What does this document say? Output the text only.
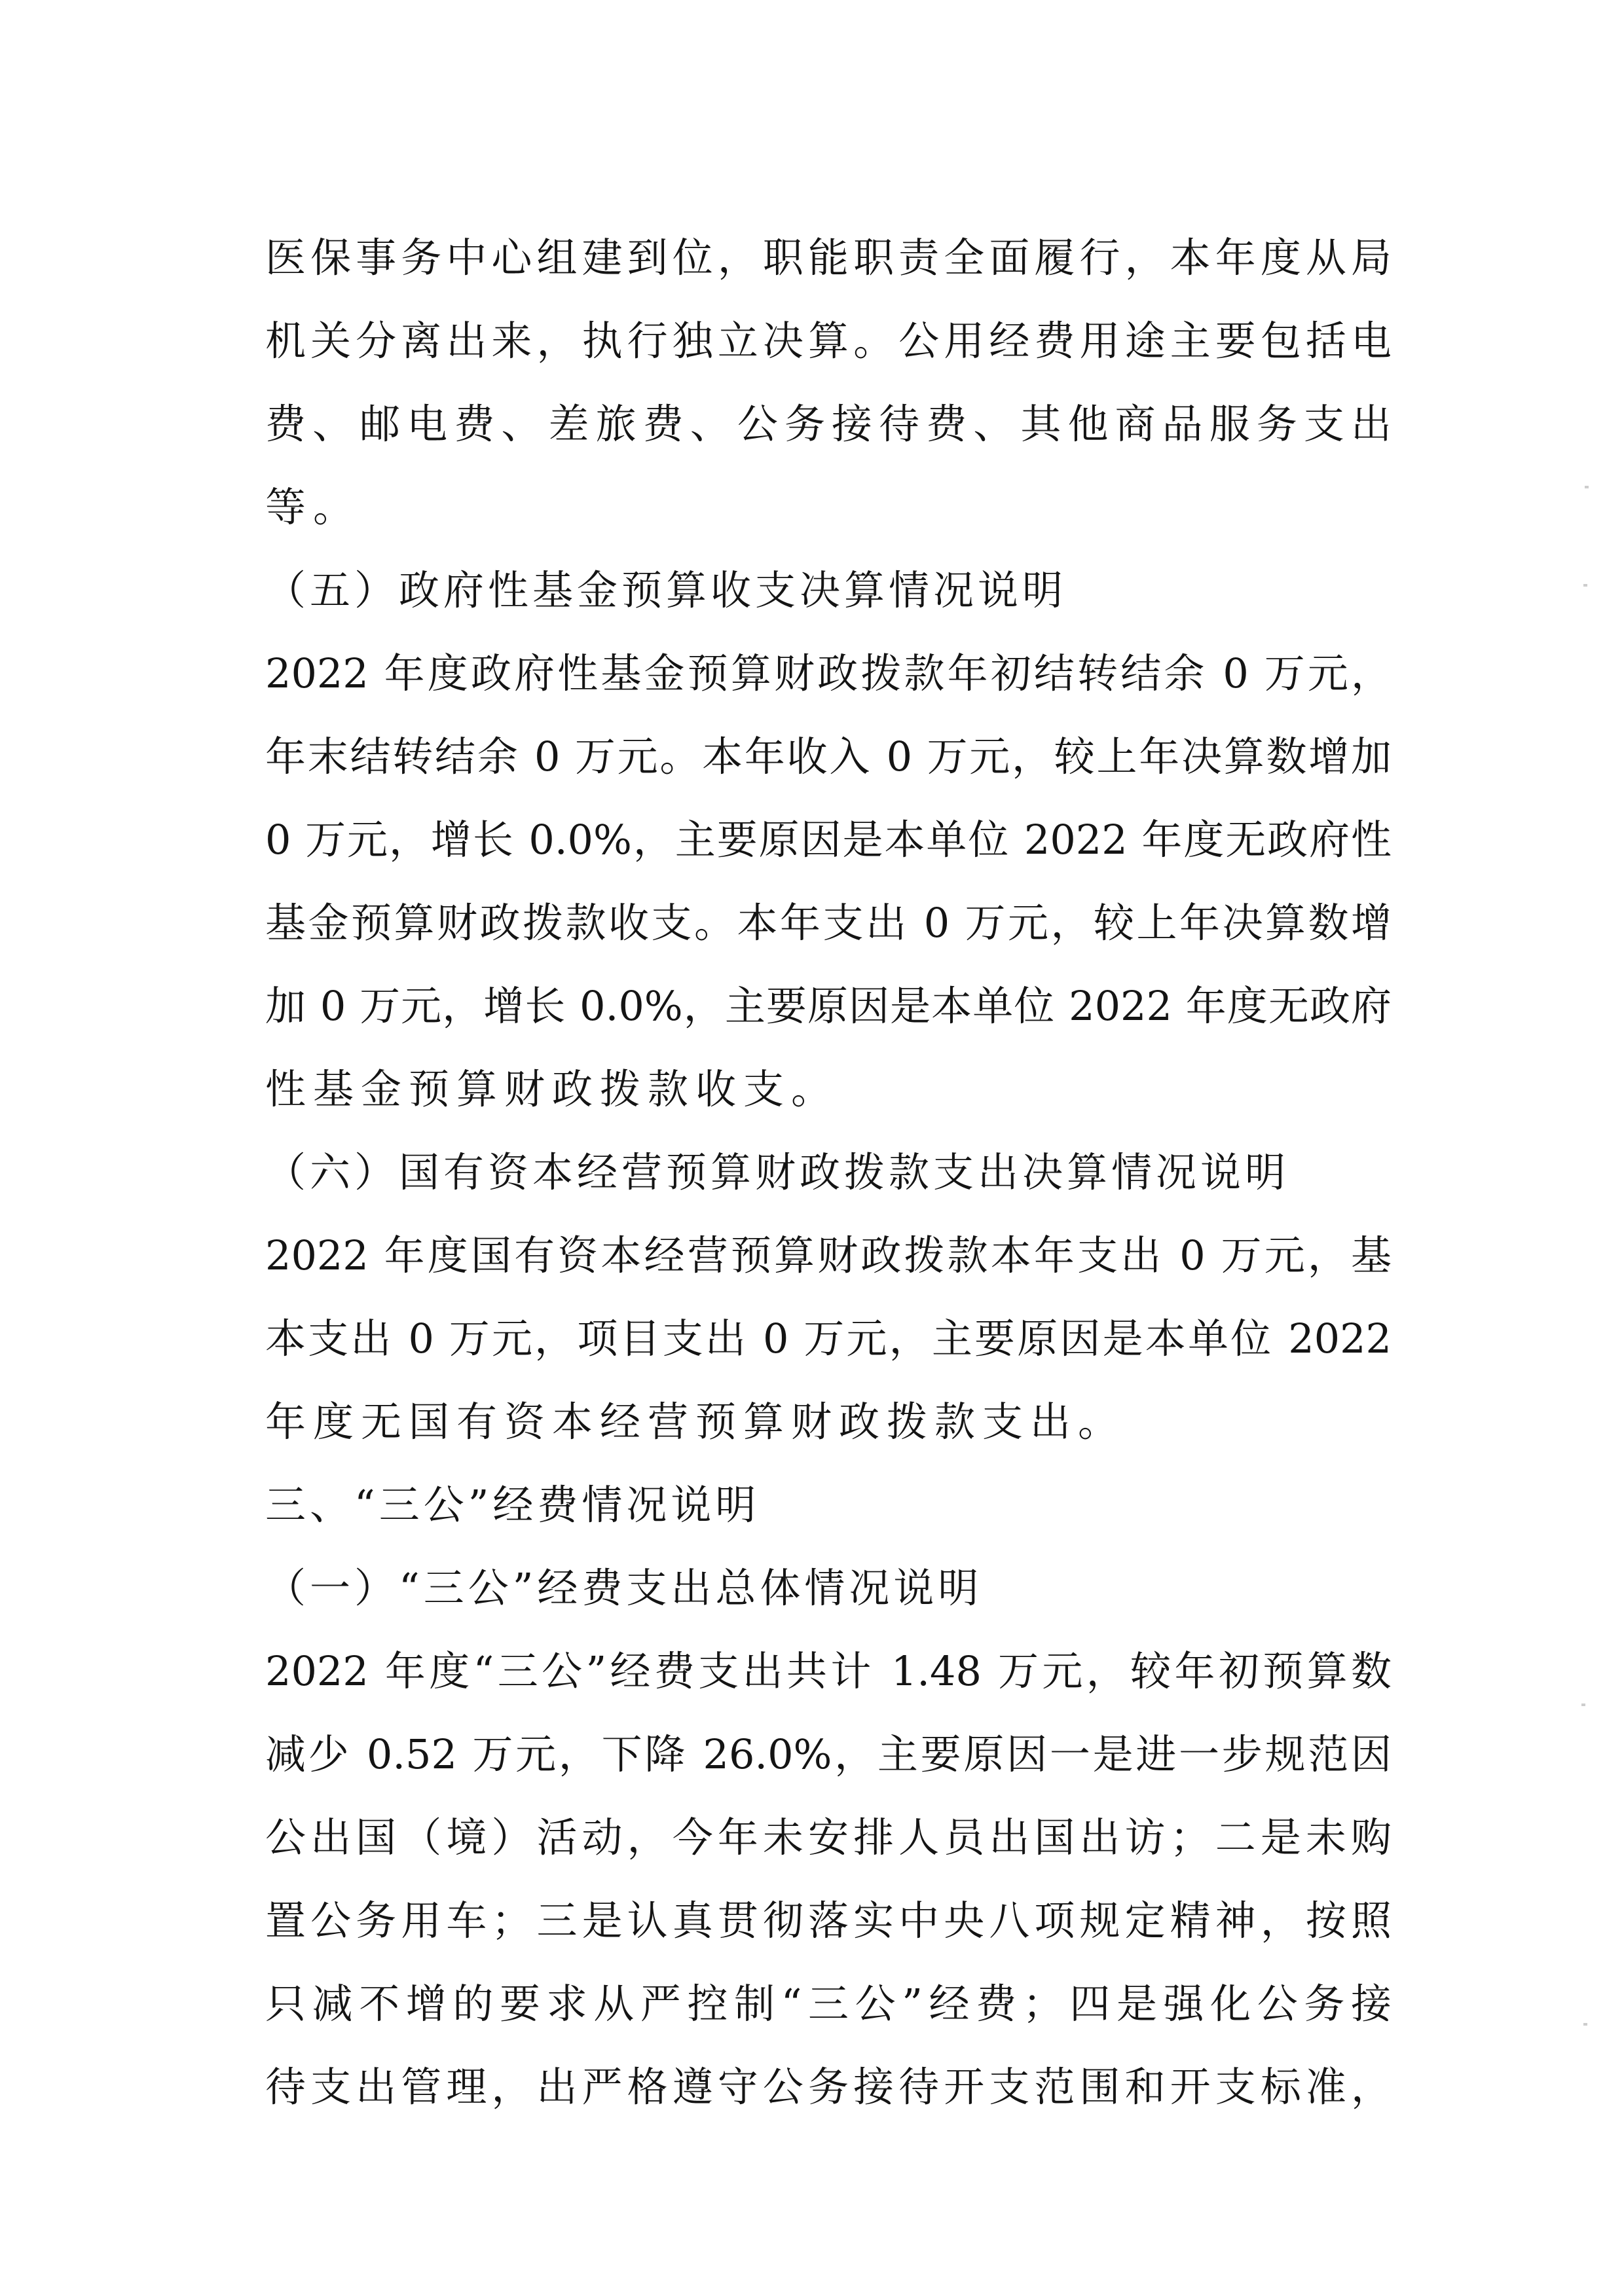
医保事务中心组建到位，职能职责全面履行，本年度从局
机关分离出来，执行独立决算。公用经费用途主要包括电
费、邮电费、差旅费、公务接待费、其他商品服务支出
等。
（五）政府性基金预算收支决算情况说明
2022 年度政府性基金预算财政拨款年初结转结余 0 万元，
年末结转结余 0 万元。本年收入 0 万元，较上年决算数增加
0 万元，增长 0.0%，主要原因是本单位 2022 年度无政府性
基金预算财政拨款收支。本年支出 0 万元，较上年决算数增
加 0 万元，增长 0.0%，主要原因是本单位 2022 年度无政府
性基金预算财政拨款收支。
（六）国有资本经营预算财政拨款支出决算情况说明
2022 年度国有资本经营预算财政拨款本年支出 0 万元，基
本支出 0 万元，项目支出 0 万元，主要原因是本单位 2022
年度无国有资本经营预算财政拨款支出。
三、“三公”经费情况说明
（一）“三公”经费支出总体情况说明
2022 年度“三公”经费支出共计 1.48 万元，较年初预算数
减少 0.52 万元，下降 26.0%，主要原因一是进一步规范因
公出国（境）活动，今年未安排人员出国出访；二是未购
置公务用车；三是认真贯彻落实中央八项规定精神，按照
只减不增的要求从严控制“三公”经费；四是强化公务接
待支出管理，出严格遵守公务接待开支范围和开支标准，
